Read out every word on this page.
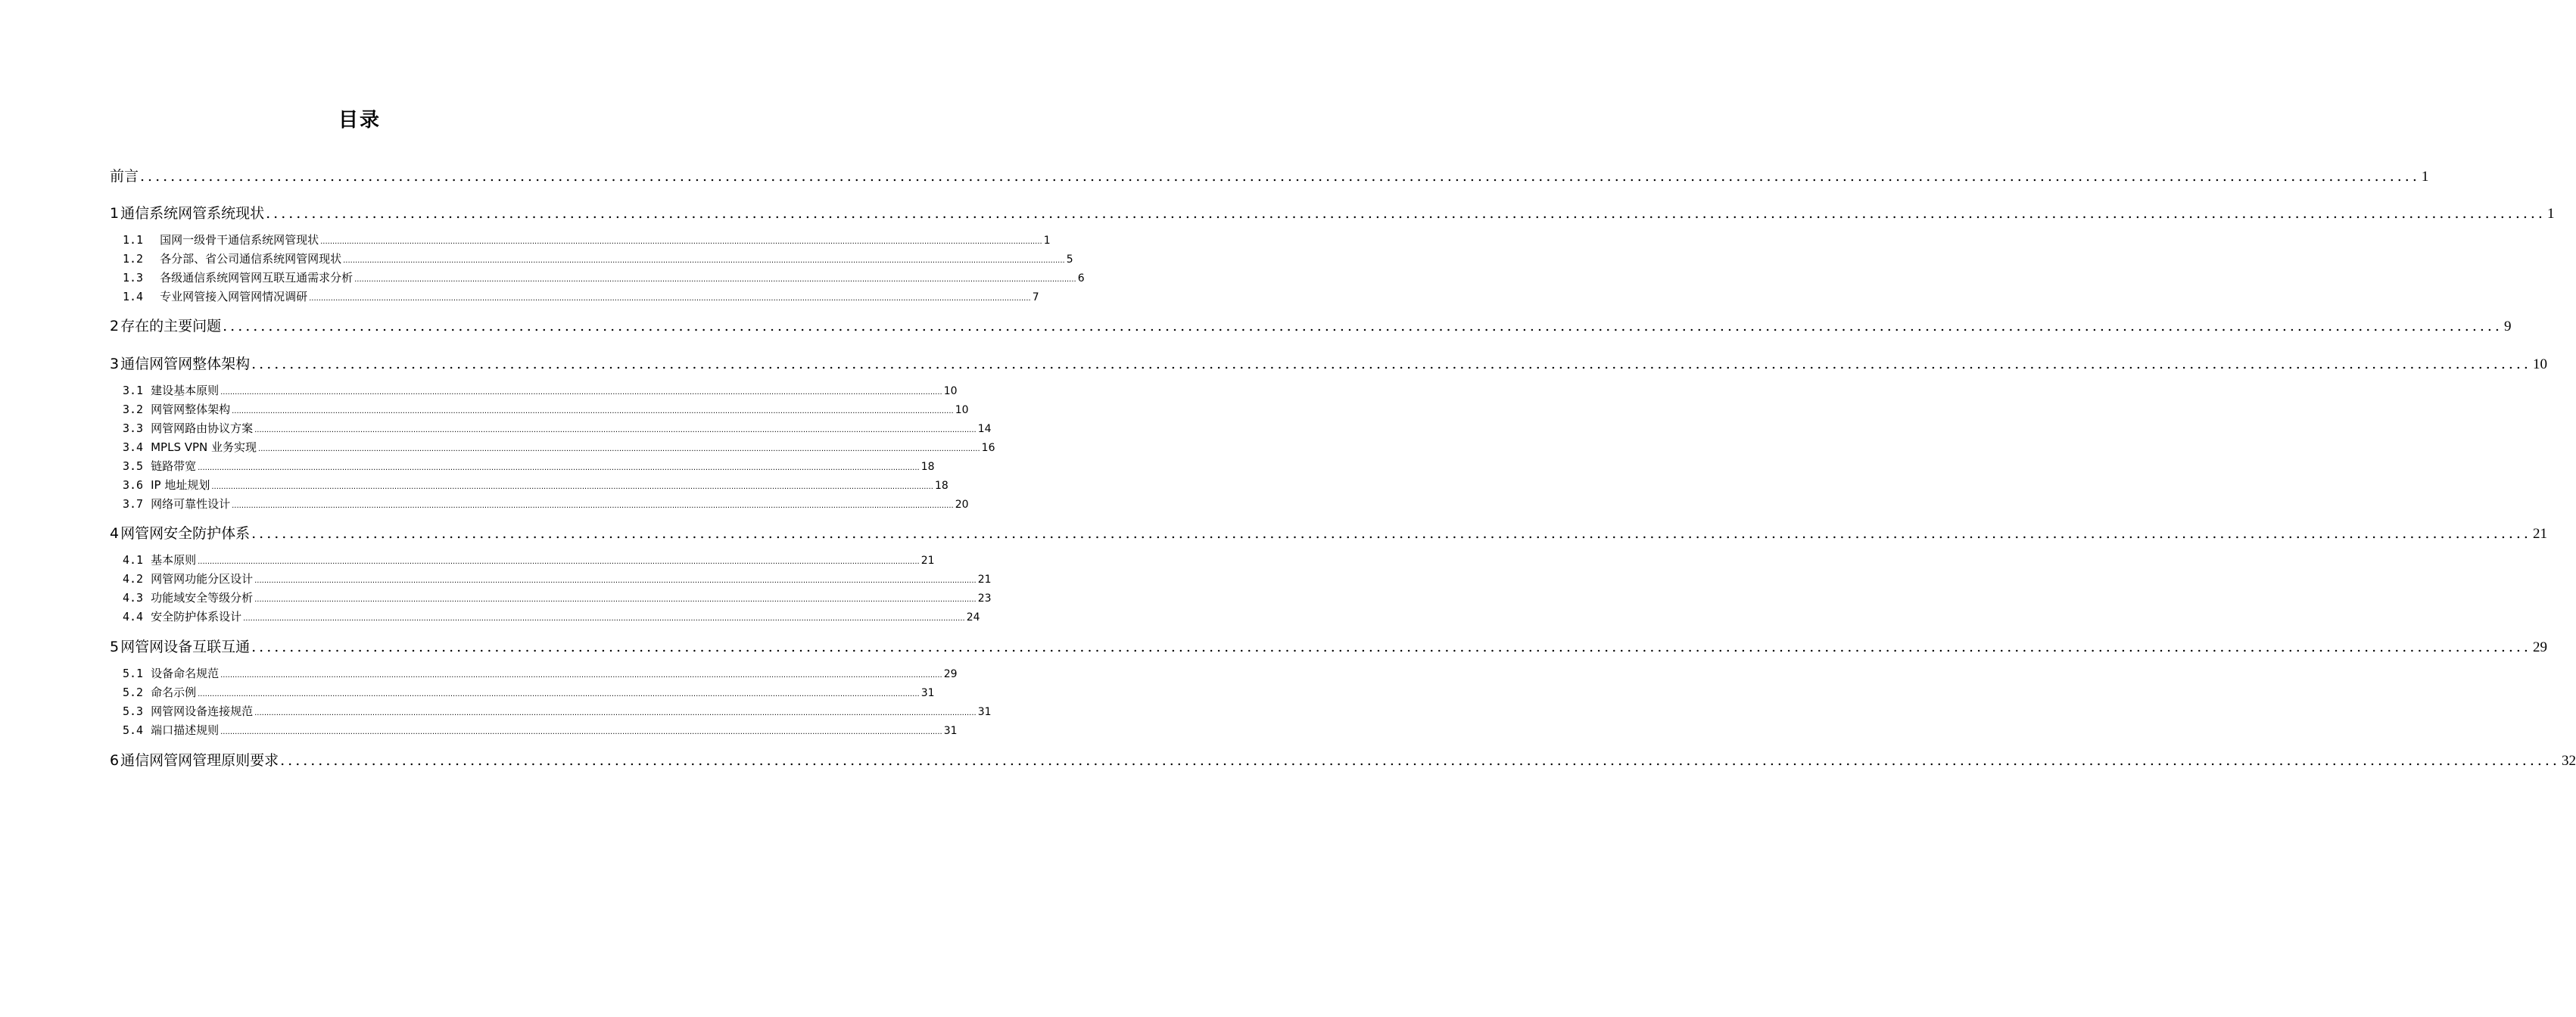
目录
前言 ............................................................................................................................................................................................................................................................................................................ 1
1 通信系统网管系统现状 ............................................................................................................................................................................................................................................................................................................ 1
1.1 国网一级骨干通信系统网管现状 ............................................................................................................................................................................................................................................................................................................ 1
1.2 各分部、省公司通信系统网管网现状 ............................................................................................................................................................................................................................................................................................................ 5
1.3 各级通信系统网管网互联互通需求分析 ............................................................................................................................................................................................................................................................................................................ 6
1.4 专业网管接入网管网情况调研 ............................................................................................................................................................................................................................................................................................................ 7
2 存在的主要问题 ............................................................................................................................................................................................................................................................................................................ 9
3 通信网管网整体架构 ............................................................................................................................................................................................................................................................................................................ 10
3.1 建设基本原则 ............................................................................................................................................................................................................................................................................................................ 10
3.2 网管网整体架构 ............................................................................................................................................................................................................................................................................................................ 10
3.3 网管网路由协议方案 ............................................................................................................................................................................................................................................................................................................ 14
3.4 MPLS VPN 业务实现 ............................................................................................................................................................................................................................................................................................................ 16
3.5 链路带宽 ............................................................................................................................................................................................................................................................................................................ 18
3.6 IP 地址规划 ............................................................................................................................................................................................................................................................................................................ 18
3.7 网络可靠性设计 ............................................................................................................................................................................................................................................................................................................ 20
4 网管网安全防护体系 ............................................................................................................................................................................................................................................................................................................ 21
4.1 基本原则 ............................................................................................................................................................................................................................................................................................................ 21
4.2 网管网功能分区设计 ............................................................................................................................................................................................................................................................................................................ 21
4.3 功能域安全等级分析 ............................................................................................................................................................................................................................................................................................................ 23
4.4 安全防护体系设计 ............................................................................................................................................................................................................................................................................................................ 24
5 网管网设备互联互通 ............................................................................................................................................................................................................................................................................................................ 29
5.1 设备命名规范 ............................................................................................................................................................................................................................................................................................................ 29
5.2 命名示例 ............................................................................................................................................................................................................................................................................................................ 31
5.3 网管网设备连接规范 ............................................................................................................................................................................................................................................................................................................ 31
5.4 端口描述规则 ............................................................................................................................................................................................................................................................................................................ 31
6 通信网管网管理原则要求 ............................................................................................................................................................................................................................................................................................................ 32
